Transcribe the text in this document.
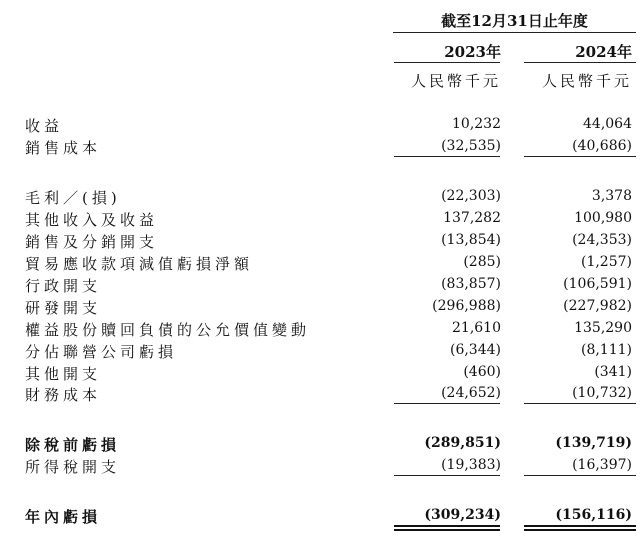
截至12月31日止年度
2023年	2024年
人民幣千元	人民幣千元
收益	10,232	44,064
銷售成本	(32,535)	(40,686)
毛利／(損)	(22,303)	3,378
其他收入及收益	137,282	100,980
銷售及分銷開支	(13,854)	(24,353)
貿易應收款項減值虧損淨額	(285)	(1,257)
行政開支	(83,857)	(106,591)
研發開支	(296,988)	(227,982)
權益股份贖回負債的公允價值變動	21,610	135,290
分佔聯營公司虧損	(6,344)	(8,111)
其他開支	(460)	(341)
財務成本	(24,652)	(10,732)
除稅前虧損	(289,851)	(139,719)
所得稅開支	(19,383)	(16,397)
年內虧損	(309,234)	(156,116)
